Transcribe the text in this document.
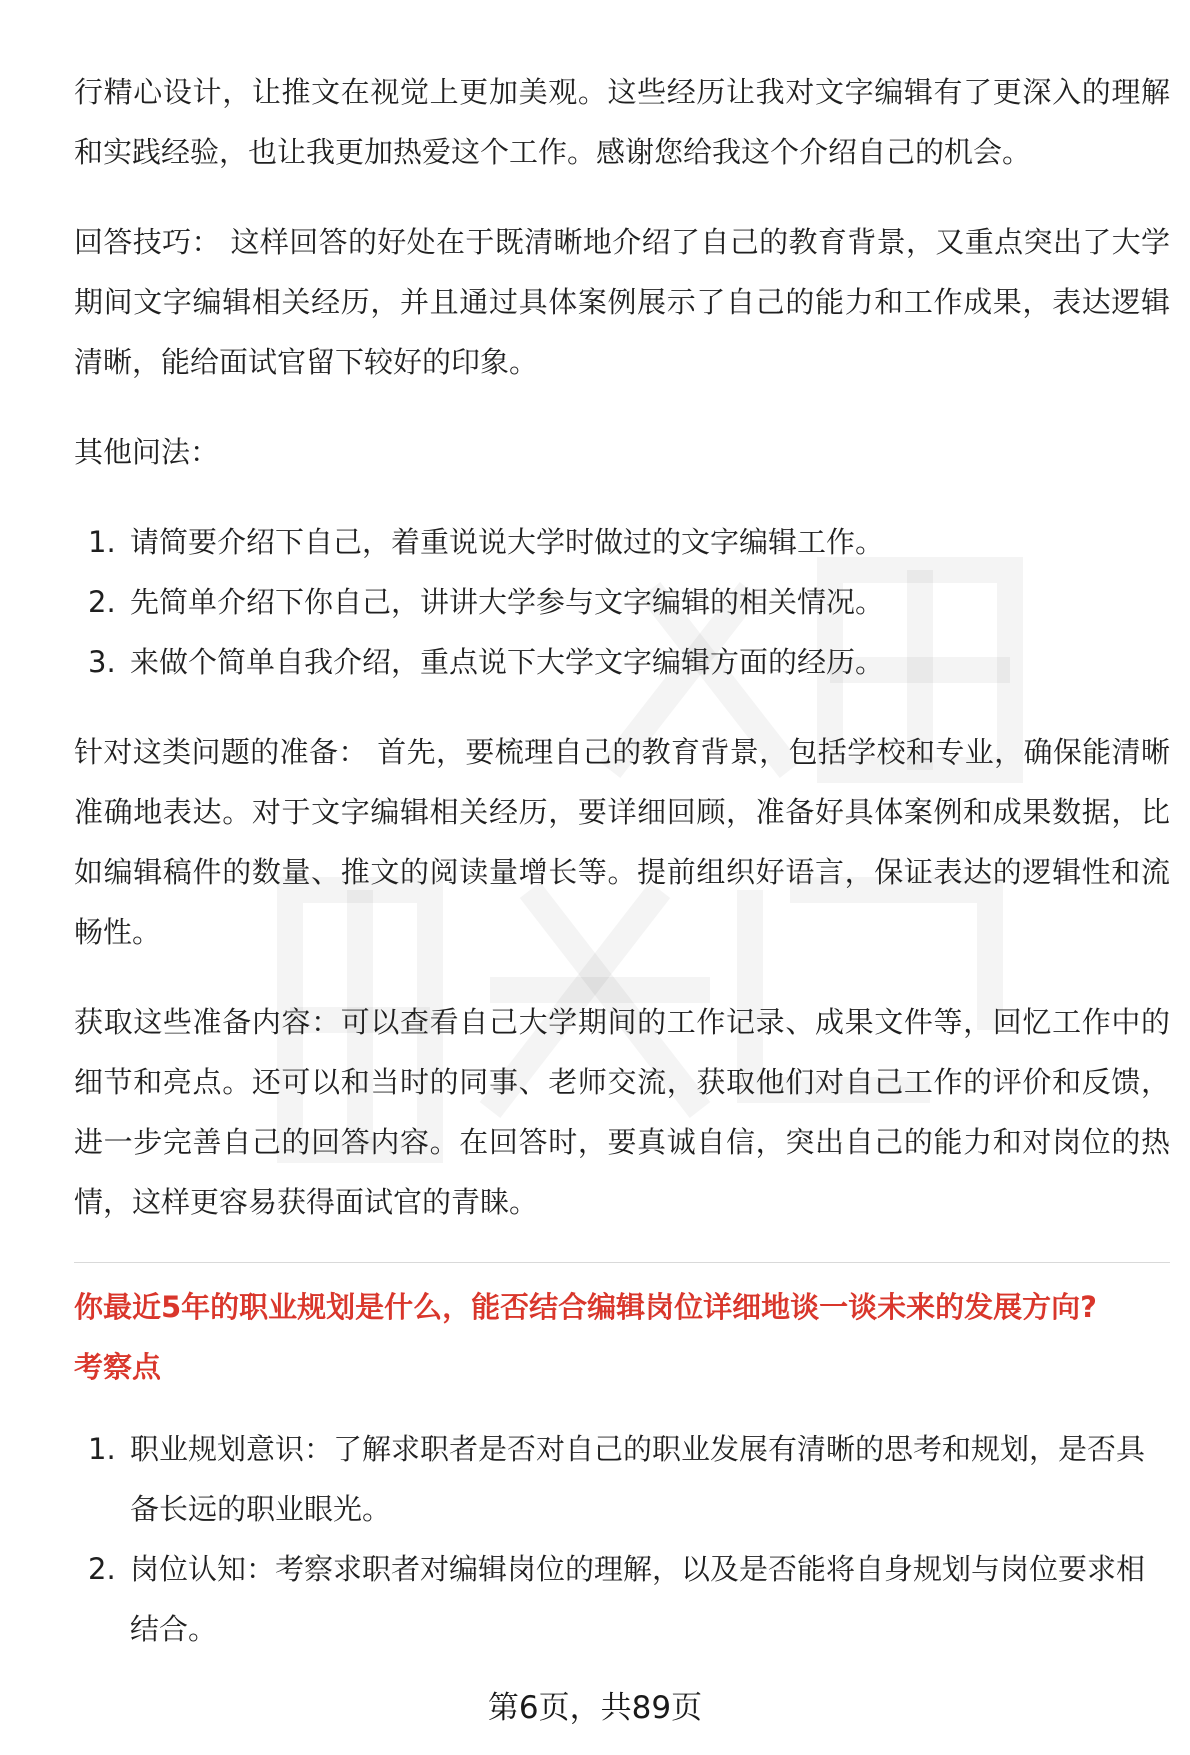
行精心设计，让推文在视觉上更加美观。这些经历让我对文字编辑有了更深入的理解和实践经验，也让我更加热爱这个工作。感谢您给我这个介绍自己的机会。

回答技巧： 这样回答的好处在于既清晰地介绍了自己的教育背景，又重点突出了大学期间文字编辑相关经历，并且通过具体案例展示了自己的能力和工作成果，表达逻辑清晰，能给面试官留下较好的印象。

其他问法：

1. 请简要介绍下自己，着重说说大学时做过的文字编辑工作。
2. 先简单介绍下你自己，讲讲大学参与文字编辑的相关情况。
3. 来做个简单自我介绍，重点说下大学文字编辑方面的经历。

针对这类问题的准备： 首先，要梳理自己的教育背景，包括学校和专业，确保能清晰准确地表达。对于文字编辑相关经历，要详细回顾，准备好具体案例和成果数据，比如编辑稿件的数量、推文的阅读量增长等。提前组织好语言，保证表达的逻辑性和流畅性。

获取这些准备内容：可以查看自己大学期间的工作记录、成果文件等，回忆工作中的细节和亮点。还可以和当时的同事、老师交流，获取他们对自己工作的评价和反馈，进一步完善自己的回答内容。在回答时，要真诚自信，突出自己的能力和对岗位的热情，这样更容易获得面试官的青睐。

你最近5年的职业规划是什么，能否结合编辑岗位详细地谈一谈未来的发展方向?
考察点
1. 职业规划意识：了解求职者是否对自己的职业发展有清晰的思考和规划，是否具备长远的职业眼光。
2. 岗位认知：考察求职者对编辑岗位的理解，以及是否能将自身规划与岗位要求相结合。
第6页，共89页
